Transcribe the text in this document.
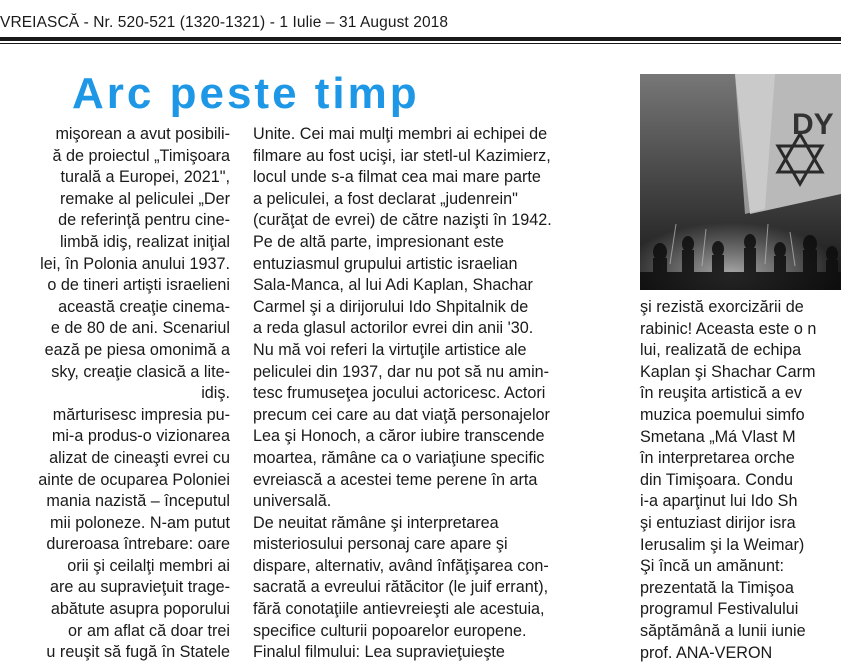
VREIASCĂ - Nr. 520-521 (1320-1321) - 1 Iulie – 31 August 2018
Arc peste timp
mişorean a avut posibili-
ă de proiectul „Timişoara
turală a Europei, 2021",
remake al peliculei „Der
de referinţă pentru cine-
limbă idiş, realizat iniţial
lei, în Polonia anului 1937.
o de tineri artişti israelieni
această creaţie cinema-
e de 80 de ani. Scenariul
ează pe piesa omonimă a
sky, creaţie clasică a lite-
idiş.
mărturisesc impresia pu-
mi-a produs-o vizionarea
alizat de cineaşti evrei cu
ainte de ocuparea Poloniei
mania nazistă – începutul
mii poloneze. N-am putut
dureroasa întrebare: oare
orii şi ceilalţi membri ai
are au supravieţuit trage-
abătute asupra poporului
or am aflat că doar trei
u reuşit să fugă în Statele
Unite. Cei mai mulţi membri ai echipei de
filmare au fost ucişi, iar stetl-ul Kazimierz,
locul unde s-a filmat cea mai mare parte
a peliculei, a fost declarat „judenrein"
(curăţat de evrei) de către nazişti în 1942.
Pe de altă parte, impresionant este
entuziasmul grupului artistic israelian
Sala-Manca, al lui Adi Kaplan, Shachar
Carmel şi a dirijorului Ido Shpitalnik de
a reda glasul actorilor evrei din anii '30.
Nu mă voi referi la virtuţile artistice ale
peliculei din 1937, dar nu pot să nu amin-
tesc frumuseţea jocului actoricesc. Actori
precum cei care au dat viaţă personajelor
Lea şi Honoch, a căror iubire transcende
moartea, rămâne ca o variaţiune specific
evreiască a acestei teme perene în arta
universală.
De neuitat rămâne şi interpretarea
misteriosului personaj care apare şi
dispare, alternativ, având înfăţişarea con-
sacrată a evreului rătăcitor (le juif errant),
fără conotaţiile antievreieşti ale acestuia,
specifice culturii popoarelor europene.
Finalul filmului: Lea supravieţuieşte
şi rezistă exorcizării de
rabinic! Aceasta este o n
lui, realizată de echipa
Kaplan şi Shachar Carm
în reuşita artistică a ev
muzica poemului simfo
Smetana „Má Vlast M
în interpretarea orche
din Timişoara. Condu
i-a aparţinut lui Ido Sh
şi entuziast dirijor isra
Ierusalim şi la Weimar)
Şi încă un amănunt:
prezentată la Timişoa
programul Festivalului
săptămână a lunii iunie
prof. ANA-VERON
DY
